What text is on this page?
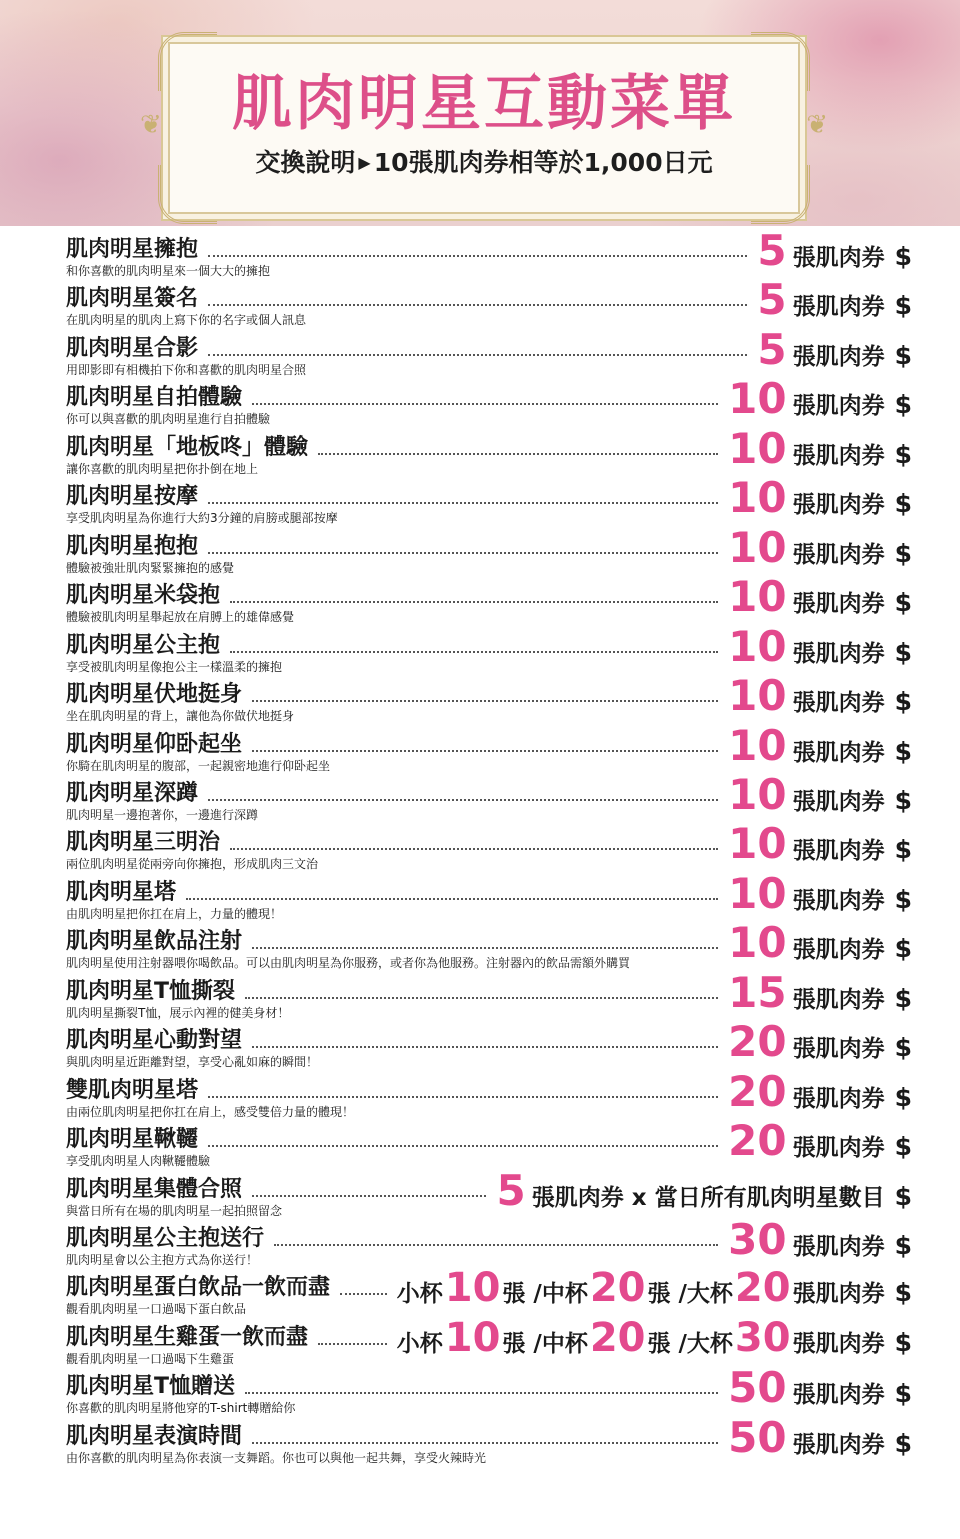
❦	❦
肌肉明星互動菜單
交換說明 ▶ 10張肌肉券相等於1,000日元
肌肉明星擁抱
和你喜歡的肌肉明星來一個大大的擁抱	5 張肌肉券 $
肌肉明星簽名
在肌肉明星的肌肉上寫下你的名字或個人訊息	5 張肌肉券 $
肌肉明星合影
用即影即有相機拍下你和喜歡的肌肉明星合照	5 張肌肉券 $
肌肉明星自拍體驗
你可以與喜歡的肌肉明星進行自拍體驗	10 張肌肉券 $
肌肉明星「地板咚」體驗
讓你喜歡的肌肉明星把你扑倒在地上	10 張肌肉券 $
肌肉明星按摩
享受肌肉明星為你進行大約3分鐘的肩膀或腿部按摩	10 張肌肉券 $
肌肉明星抱抱
體驗被強壯肌肉緊緊擁抱的感覺	10 張肌肉券 $
肌肉明星米袋抱
體驗被肌肉明星舉起放在肩膊上的雄偉感覺	10 張肌肉券 $
肌肉明星公主抱
享受被肌肉明星像抱公主一樣溫柔的擁抱	10 張肌肉券 $
肌肉明星伏地挺身
坐在肌肉明星的背上，讓他為你做伏地挺身	10 張肌肉券 $
肌肉明星仰卧起坐
你騎在肌肉明星的腹部，一起親密地進行仰卧起坐	10 張肌肉券 $
肌肉明星深蹲
肌肉明星一邊抱著你，一邊進行深蹲	10 張肌肉券 $
肌肉明星三明治
兩位肌肉明星從兩旁向你擁抱，形成肌肉三文治	10 張肌肉券 $
肌肉明星塔
由肌肉明星把你扛在肩上，力量的體現！	10 張肌肉券 $
肌肉明星飲品注射
肌肉明星使用注射器喂你喝飲品。可以由肌肉明星為你服務，或者你為他服務。注射器內的飲品需額外購買 10 張肌肉券 $
肌肉明星T恤撕裂
肌肉明星撕裂T恤，展示內裡的健美身材！	15 張肌肉券 $
肌肉明星心動對望
與肌肉明星近距離對望，享受心亂如麻的瞬間！	20 張肌肉券 $
雙肌肉明星塔
由兩位肌肉明星把你扛在肩上，感受雙倍力量的體現！	20 張肌肉券 $
肌肉明星鞦韆
享受肌肉明星人肉鞦韆體驗	20 張肌肉券 $
肌肉明星集體合照
與當日所有在場的肌肉明星一起拍照留念	5 張肌肉券 x 當日所有肌肉明星數目 $
肌肉明星公主抱送行
肌肉明星會以公主抱方式為你送行！	30 張肌肉券 $
肌肉明星蛋白飲品一飲而盡
觀看肌肉明星一口過喝下蛋白飲品
小杯 10 張 / 中杯 20 張 / 大杯 20 張肌肉券 $
肌肉明星生雞蛋一飲而盡
觀看肌肉明星一口過喝下生雞蛋
小杯 10 張 / 中杯 20 張 / 大杯 30 張肌肉券 $
肌肉明星T恤贈送
你喜歡的肌肉明星將他穿的T-shirt轉贈給你	50 張肌肉券 $
肌肉明星表演時間
由你喜歡的肌肉明星為你表演一支舞蹈。你也可以與他一起共舞，享受火辣時光	50 張肌肉券 $
